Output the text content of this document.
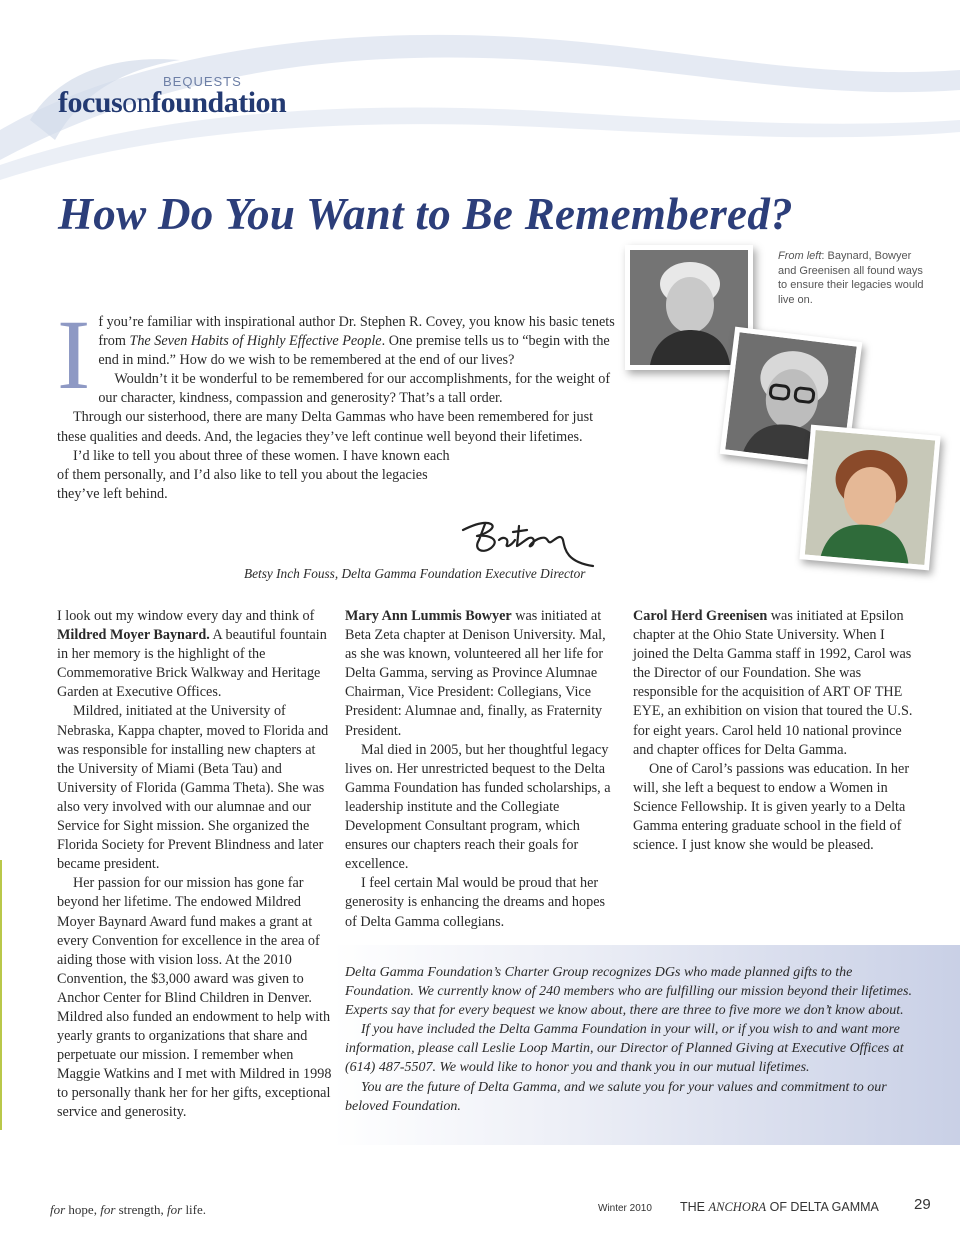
BEQUESTS
focusonfoundation
How Do You Want to Be Remembered?
From left: Baynard, Bowyer and Greenisen all found ways to ensure their legacies would live on.
I f you’re familiar with inspirational author Dr. Stephen R. Covey, you know his basic tenets from The Seven Habits of Highly Effective People. One premise tells us to “begin with the end in mind.” How do we wish to be remembered at the end of our lives?

Wouldn’t it be wonderful to be remembered for our accomplishments, for the weight of our character, kindness, compassion and generosity? That’s a tall order.

Through our sisterhood, there are many Delta Gammas who have been remembered for just these qualities and deeds. And, the legacies they’ve left continue well beyond their lifetimes.

I’d like to tell you about three of these women. I have known each of them personally, and I’d also like to tell you about the legacies they’ve left behind.

Betsy Inch Fouss, Delta Gamma Foundation Executive Director

I look out my window every day and think of Mildred Moyer Baynard. A beautiful fountain in her memory is the highlight of the Commemorative Brick Walkway and Heritage Garden at Executive Offices.

Mildred, initiated at the University of Nebraska, Kappa chapter, moved to Florida and was responsible for installing new chapters at the University of Miami (Beta Tau) and University of Florida (Gamma Theta). She was also very involved with our alumnae and our Service for Sight mission. She organized the Florida Society for Prevent Blindness and later became president.

Her passion for our mission has gone far beyond her lifetime. The endowed Mildred Moyer Baynard Award fund makes a grant at every Convention for excellence in the area of aiding those with vision loss. At the 2010 Convention, the $3,000 award was given to Anchor Center for Blind Children in Denver. Mildred also funded an endowment to help with yearly grants to organizations that share and perpetuate our mission. I remember when Maggie Watkins and I met with Mildred in 1998 to personally thank her for her gifts, exceptional service and generosity.

Mary Ann Lummis Bowyer was initiated at Beta Zeta chapter at Denison University. Mal, as she was known, volunteered all her life for Delta Gamma, serving as Province Alumnae Chairman, Vice President: Collegians, Vice President: Alumnae and, finally, as Fraternity President.

Mal died in 2005, but her thoughtful legacy lives on. Her unrestricted bequest to the Delta Gamma Foundation has funded scholarships, a leadership institute and the Collegiate Development Consultant program, which ensures our chapters reach their goals for excellence.

I feel certain Mal would be proud that her generosity is enhancing the dreams and hopes of Delta Gamma collegians.

Carol Herd Greenisen was initiated at Epsilon chapter at the Ohio State University. When I joined the Delta Gamma staff in 1992, Carol was the Director of our Foundation. She was responsible for the acquisition of ART OF THE EYE, an exhibition on vision that toured the U.S. for eight years. Carol held 10 national province and chapter offices for Delta Gamma.

One of Carol’s passions was education. In her will, she left a bequest to endow a Women in Science Fellowship. It is given yearly to a Delta Gamma entering graduate school in the field of science. I just know she would be pleased.

Delta Gamma Foundation’s Charter Group recognizes DGs who made planned gifts to the Foundation. We currently know of 240 members who are fulfilling our mission beyond their lifetimes. Experts say that for every bequest we know about, there are three to five more we don’t know about.

If you have included the Delta Gamma Foundation in your will, or if you wish to and want more information, please call Leslie Loop Martin, our Director of Planned Giving at Executive Offices at (614) 487-5507. We would like to honor you and thank you in our mutual lifetimes.

You are the future of Delta Gamma, and we salute you for your values and commitment to our beloved Foundation.

for hope, for strength, for life.	Winter 2010 THE ANCHORA OF DELTA GAMMA 29
